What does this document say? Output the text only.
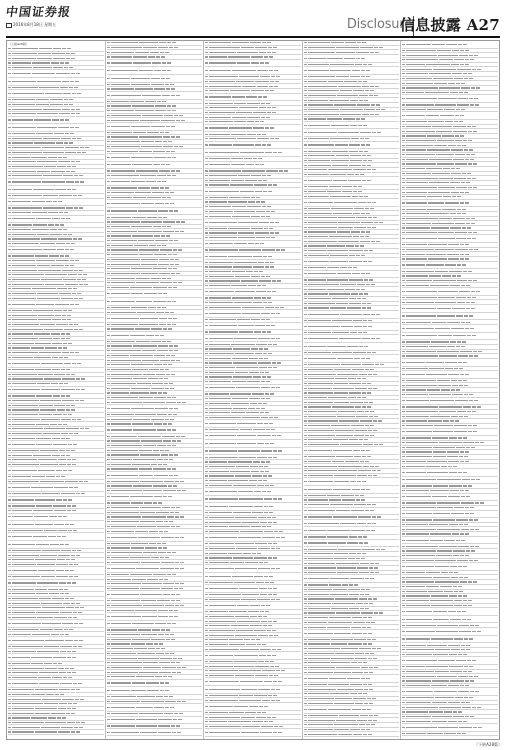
中国证券报
2016年8月18日 星期五	Disclosure
信息披露 A27
（上接A26版）
（下转A28版）
